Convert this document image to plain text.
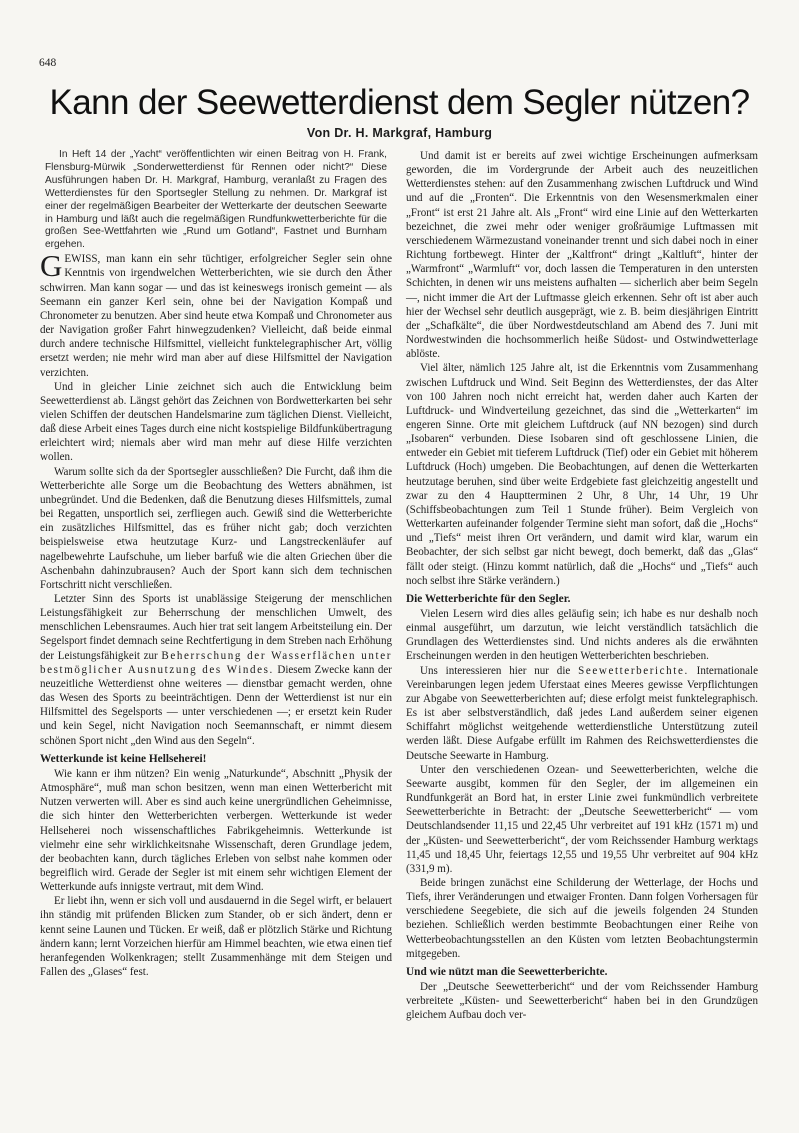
648
Kann der Seewetterdienst dem Segler nützen?
Von Dr. H. Markgraf, Hamburg

In Heft 14 der „Yacht“ veröffentlichten wir einen Beitrag von H. Frank, Flensburg-Mürwik „Sonderwetterdienst für Rennen oder nicht?“ Diese Ausführungen haben Dr. H. Markgraf, Hamburg, veranlaßt zu Fragen des Wetterdienstes für den Sportsegler Stellung zu nehmen. Dr. Markgraf ist einer der regelmäßigen Bearbeiter der Wetterkarte der deutschen Seewarte in Hamburg und läßt auch die regelmäßigen Rundfunkwetterberichte für die großen See-Wettfahrten wie „Rund um Gotland“, Fastnet und Burnham ergehen.

GEWISS, man kann ein sehr tüchtiger, erfolgreicher Segler sein ohne Kenntnis von irgendwelchen Wetterberichten, wie sie durch den Äther schwirren. Man kann sogar — und das ist keineswegs ironisch gemeint — als Seemann ein ganzer Kerl sein, ohne bei der Navigation Kompaß und Chronometer zu benutzen. Aber sind heute etwa Kompaß und Chronometer aus der Navigation großer Fahrt hinwegzudenken? Vielleicht, daß beide einmal durch andere technische Hilfsmittel, vielleicht funktelegraphischer Art, völlig ersetzt werden; nie mehr wird man aber auf diese Hilfsmittel der Navigation verzichten.

Und in gleicher Linie zeichnet sich auch die Entwicklung beim Seewetterdienst ab. Längst gehört das Zeichnen von Bordwetterkarten bei sehr vielen Schiffen der deutschen Handelsmarine zum täglichen Dienst. Vielleicht, daß diese Arbeit eines Tages durch eine nicht kostspielige Bildfunkübertragung erleichtert wird; niemals aber wird man mehr auf diese Hilfe verzichten wollen.

Warum sollte sich da der Sportsegler ausschließen? Die Furcht, daß ihm die Wetterberichte alle Sorge um die Beobachtung des Wetters abnähmen, ist unbegründet. Und die Bedenken, daß die Benutzung dieses Hilfsmittels, zumal bei Regatten, unsportlich sei, zerfliegen auch. Gewiß sind die Wetterberichte ein zusätzliches Hilfsmittel, das es früher nicht gab; doch verzichten beispielsweise etwa heutzutage Kurz- und Langstreckenläufer auf nagelbewehrte Laufschuhe, um lieber barfuß wie die alten Griechen über die Aschenbahn dahinzubrausen? Auch der Sport kann sich dem technischen Fortschritt nicht verschließen.

Letzter Sinn des Sports ist unablässige Steigerung der menschlichen Leistungsfähigkeit zur Beherrschung der menschlichen Umwelt, des menschlichen Lebensraumes. Auch hier trat seit langem Arbeitsteilung ein. Der Segelsport findet demnach seine Rechtfertigung in dem Streben nach Erhöhung der Leistungsfähigkeit zur Beherrschung der Wasserflächen unter bestmöglicher Ausnutzung des Windes. Diesem Zwecke kann der neuzeitliche Wetterdienst ohne weiteres — dienstbar gemacht werden, ohne das Wesen des Sports zu beeinträchtigen. Denn der Wetterdienst ist nur ein Hilfsmittel des Segelsports — unter verschiedenen —; er ersetzt kein Ruder und kein Segel, nicht Navigation noch Seemannschaft, er nimmt diesem schönen Sport nicht „den Wind aus den Segeln“.

Wetterkunde ist keine Hellseherei!

Wie kann er ihm nützen? Ein wenig „Naturkunde“, Abschnitt „Physik der Atmosphäre“, muß man schon besitzen, wenn man einen Wetterbericht mit Nutzen verwerten will. Aber es sind auch keine unergründlichen Geheimnisse, die sich hinter den Wetterberichten verbergen. Wetterkunde ist weder Hellseherei noch wissenschaftliches Fabrikgeheimnis. Wetterkunde ist vielmehr eine sehr wirklichkeitsnahe Wissenschaft, deren Grundlage jedem, der beobachten kann, durch tägliches Erleben von selbst nahe kommen oder begreiflich wird. Gerade der Segler ist mit einem sehr wichtigen Element der Wetterkunde aufs innigste vertraut, mit dem Wind.

Er liebt ihn, wenn er sich voll und ausdauernd in die Segel wirft, er belauert ihn ständig mit prüfenden Blicken zum Stander, ob er sich ändert, denn er kennt seine Launen und Tücken. Er weiß, daß er plötzlich Stärke und Richtung ändern kann; lernt Vorzeichen hierfür am Himmel beachten, wie etwa einen tief heranfegenden Wolkenkragen; stellt Zusammenhänge mit dem Steigen und Fallen des „Glases“ fest.

Und damit ist er bereits auf zwei wichtige Erscheinungen aufmerksam geworden, die im Vordergrunde der Arbeit auch des neuzeitlichen Wetterdienstes stehen: auf den Zusammenhang zwischen Luftdruck und Wind und auf die „Fronten“. Die Erkenntnis von den Wesensmerkmalen einer „Front“ ist erst 21 Jahre alt. Als „Front“ wird eine Linie auf den Wetterkarten bezeichnet, die zwei mehr oder weniger großräumige Luftmassen mit verschiedenem Wärmezustand voneinander trennt und sich dabei noch in einer Richtung fortbewegt. Hinter der „Kaltfront“ dringt „Kaltluft“, hinter der „Warmfront“ „Warmluft“ vor, doch lassen die Temperaturen in den untersten Schichten, in denen wir uns meistens aufhalten — sicherlich aber beim Segeln —, nicht immer die Art der Luftmasse gleich erkennen. Sehr oft ist aber auch hier der Wechsel sehr deutlich ausgeprägt, wie z. B. beim diesjährigen Eintritt der „Schafkälte“, die über Nordwestdeutschland am Abend des 7. Juni mit Nordwestwinden die hochsommerlich heiße Südost- und Ostwindwetterlage ablöste.

Viel älter, nämlich 125 Jahre alt, ist die Erkenntnis vom Zusammenhang zwischen Luftdruck und Wind. Seit Beginn des Wetterdienstes, der das Alter von 100 Jahren noch nicht erreicht hat, werden daher auch Karten der Luftdruck- und Windverteilung gezeichnet, das sind die „Wetterkarten“ im engeren Sinne. Orte mit gleichem Luftdruck (auf NN bezogen) sind durch „Isobaren“ verbunden. Diese Isobaren sind oft geschlossene Linien, die entweder ein Gebiet mit tieferem Luftdruck (Tief) oder ein Gebiet mit höherem Luftdruck (Hoch) umgeben. Die Beobachtungen, auf denen die Wetterkarten heutzutage beruhen, sind über weite Erdgebiete fast gleichzeitig angestellt und zwar zu den 4 Hauptterminen 2 Uhr, 8 Uhr, 14 Uhr, 19 Uhr (Schiffsbeobachtungen zum Teil 1 Stunde früher). Beim Vergleich von Wetterkarten aufeinander folgender Termine sieht man sofort, daß die „Hochs“ und „Tiefs“ meist ihren Ort verändern, und damit wird klar, warum ein Beobachter, der sich selbst gar nicht bewegt, doch bemerkt, daß das „Glas“ fällt oder steigt. (Hinzu kommt natürlich, daß die „Hochs“ und „Tiefs“ auch noch selbst ihre Stärke verändern.)

Die Wetterberichte für den Segler.

Vielen Lesern wird dies alles geläufig sein; ich habe es nur deshalb noch einmal ausgeführt, um darzutun, wie leicht verständlich tatsächlich die Grundlagen des Wetterdienstes sind. Und nichts anderes als die erwähnten Erscheinungen werden in den heutigen Wetterberichten beschrieben.

Uns interessieren hier nur die Seewetterberichte. Internationale Vereinbarungen legen jedem Uferstaat eines Meeres gewisse Verpflichtungen zur Abgabe von Seewetterberichten auf; diese erfolgt meist funktelegraphisch. Es ist aber selbstverständlich, daß jedes Land außerdem seiner eigenen Schiffahrt möglichst weitgehende wetterdienstliche Unterstützung zuteil werden läßt. Diese Aufgabe erfüllt im Rahmen des Reichswetterdienstes die Deutsche Seewarte in Hamburg.

Unter den verschiedenen Ozean- und Seewetterberichten, welche die Seewarte ausgibt, kommen für den Segler, der im allgemeinen ein Rundfunkgerät an Bord hat, in erster Linie zwei funkmündlich verbreitete Seewetterberichte in Betracht: der „Deutsche Seewetterbericht“ — vom Deutschlandsender 11,15 und 22,45 Uhr verbreitet auf 191 kHz (1571 m) und der „Küsten- und Seewetterbericht“, der vom Reichssender Hamburg werktags 11,45 und 18,45 Uhr, feiertags 12,55 und 19,55 Uhr verbreitet auf 904 kHz (331,9 m).

Beide bringen zunächst eine Schilderung der Wetterlage, der Hochs und Tiefs, ihrer Veränderungen und etwaiger Fronten. Dann folgen Vorhersagen für verschiedene Seegebiete, die sich auf die jeweils folgenden 24 Stunden beziehen. Schließlich werden bestimmte Beobachtungen einer Reihe von Wetterbeobachtungsstellen an den Küsten vom letzten Beobachtungstermin mitgegeben.

Und wie nützt man die Seewetterberichte.

Der „Deutsche Seewetterbericht“ und der vom Reichssender Hamburg verbreitete „Küsten- und Seewetterbericht“ haben bei in den Grundzügen gleichem Aufbau doch ver-
